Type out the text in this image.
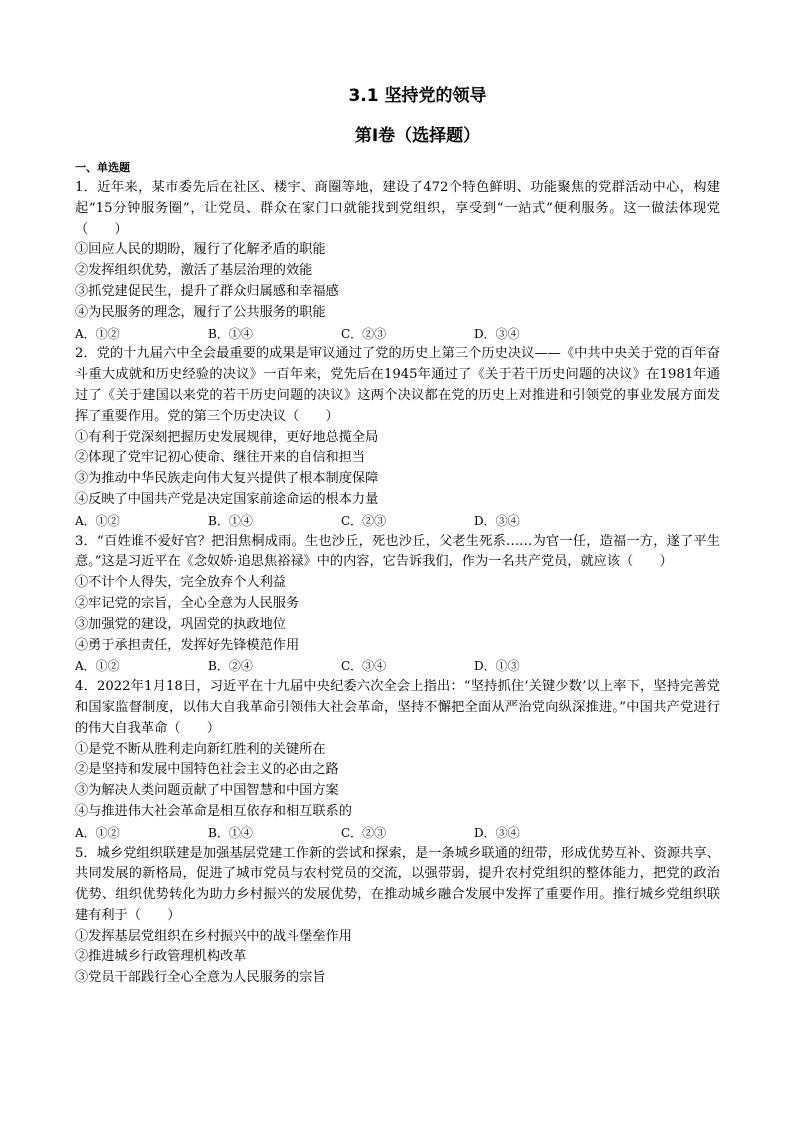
3.1 坚持党的领导
第Ⅰ卷（选择题）
一、单选题

1．近年来，某市委先后在社区、楼宇、商圈等地，建设了472个特色鲜明、功能聚焦的党群活动中心，构建起“15分钟服务圈”，让党员、群众在家门口就能找到党组织，享受到“一站式”便利服务。这一做法体现党（　　）

①回应人民的期盼，履行了化解矛盾的职能

②发挥组织优势，激活了基层治理的效能

③抓党建促民生，提升了群众归属感和幸福感

④为民服务的理念，履行了公共服务的职能

A．①②	B．①④	C．②③	D．③④

2．党的十九届六中全会最重要的成果是审议通过了党的历史上第三个历史决议——《中共中央关于党的百年奋斗重大成就和历史经验的决议》一百年来，党先后在1945年通过了《关于若干历史问题的决议》在1981年通过了《关于建国以来党的若干历史问题的决议》这两个决议都在党的历史上对推进和引领党的事业发展方面发挥了重要作用。党的第三个历史决议（　　）

①有利于党深刻把握历史发展规律，更好地总揽全局

②体现了党牢记初心使命、继往开来的自信和担当

③为推动中华民族走向伟大复兴提供了根本制度保障

④反映了中国共产党是决定国家前途命运的根本力量

A．①②	B．①④	C．②③	D．③④

3．“百姓谁不爱好官？把泪焦桐成雨。生也沙丘，死也沙丘，父老生死系……为官一任，造福一方，遂了平生意。”这是习近平在《念奴娇·追思焦裕禄》中的内容，它告诉我们，作为一名共产党员，就应该（　　）

①不计个人得失，完全放弃个人利益

②牢记党的宗旨，全心全意为人民服务

③加强党的建设，巩固党的执政地位

④勇于承担责任，发挥好先锋模范作用

A．①②	B．②④	C．③④	D．①③

4．2022年1月18日，习近平在十九届中央纪委六次全会上指出：“坚持抓住‘关键少数’以上率下，坚持完善党和国家监督制度，以伟大自我革命引领伟大社会革命，坚持不懈把全面从严治党向纵深推进。”中国共产党进行的伟大自我革命（　　）

①是党不断从胜利走向新红胜利的关键所在

②是坚持和发展中国特色社会主义的必由之路

③为解决人类问题贡献了中国智慧和中国方案

④与推进伟大社会革命是相互依存和相互联系的

A．①②	B．①④	C．②③	D．③④

5．城乡党组织联建是加强基层党建工作新的尝试和探索，是一条城乡联通的纽带，形成优势互补、资源共享、共同发展的新格局，促进了城市党员与农村党员的交流，以强带弱，提升农村党组织的整体能力，把党的政治优势、组织优势转化为助力乡村振兴的发展优势，在推动城乡融合发展中发挥了重要作用。推行城乡党组织联建有利于（　　）

①发挥基层党组织在乡村振兴中的战斗堡垒作用

②推进城乡行政管理机构改革

③党员干部践行全心全意为人民服务的宗旨
